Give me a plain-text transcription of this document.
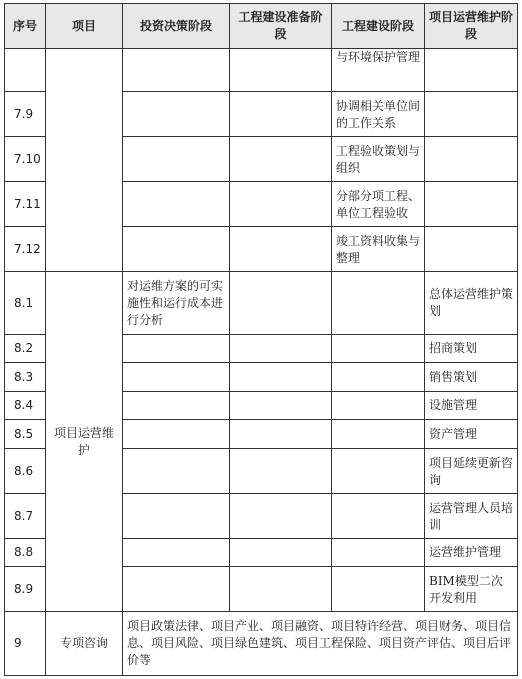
序号	项目	投资决策阶段	工程建设准备阶段	工程建设阶段	项目运营维护阶段
				与环境保护管理	
7.9				协调相关单位间的工作关系	
7.10				工程验收策划与组织	
7.11				分部分项工程、单位工程验收	
7.12				竣工资料收集与整理	
8.1	项目运营维护	对运维方案的可实施性和运行成本进行分析			总体运营维护策划
8.2					招商策划
8.3					销售策划
8.4					设施管理
8.5					资产管理
8.6					项目延续更新咨询
8.7					运营管理人员培训
8.8					运营维护管理
8.9					BIM模型二次开发利用
9	专项咨询	项目政策法律、项目产业、项目融资、项目特许经营、项目财务、项目信息、项目风险、项目绿色建筑、项目工程保险、项目资产评估、项目后评价等			
